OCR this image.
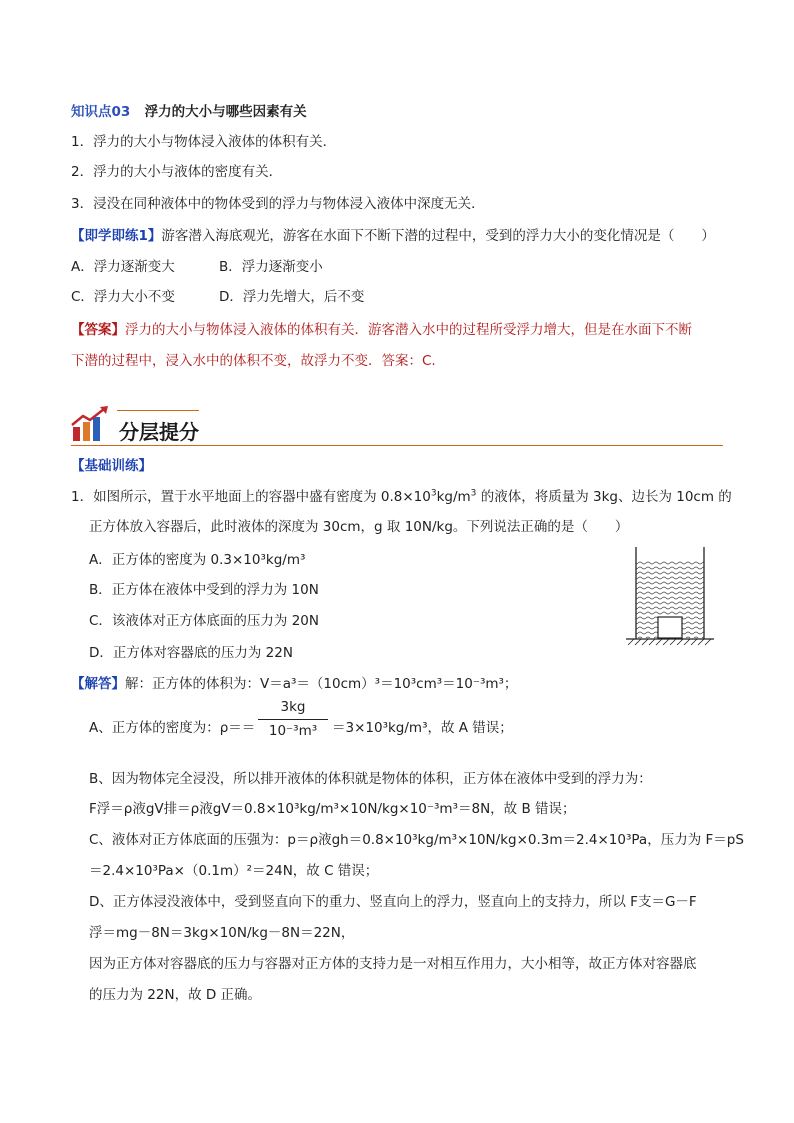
知识点03 浮力的大小与哪些因素有关
1．浮力的大小与物体浸入液体的体积有关．
2．浮力的大小与液体的密度有关．
3．浸没在同种液体中的物体受到的浮力与物体浸入液体中深度无关．
【即学即练1】游客潜入海底观光，游客在水面下不断下潜的过程中，受到的浮力大小的变化情况是（　　）
A．浮力逐渐变大	B．浮力逐渐变小
C．浮力大小不变	D．浮力先增大，后不变
【答案】浮力的大小与物体浸入液体的体积有关．游客潜入水中的过程所受浮力增大，但是在水面下不断
下潜的过程中，浸入水中的体积不变，故浮力不变．答案：C.
分层提分
【基础训练】
1．如图所示，置于水平地面上的容器中盛有密度为 $0.8\times 10^3kg/m^3$ 的液体，将质量为 3kg、边长为 10cm 的
正方体放入容器后，此时液体的深度为 30cm，g 取 10N/kg。下列说法正确的是（　　）
A．正方体的密度为 0.3×10³kg/m³
B．正方体在液体中受到的浮力为 10N
C．该液体对正方体底面的压力为 20N
D．正方体对容器底的压力为 22N
【解答】解：正方体的体积为：V＝a³＝（10cm）³＝10³cm³＝10⁻³m³；
A、正方体的密度为：ρ＝＝
3kg
10⁻³m³	＝3×10³kg/m³，故 A 错误；
B、因为物体完全浸没，所以排开液体的体积就是物体的体积，正方体在液体中受到的浮力为：
F浮＝ρ液gV排＝ρ液gV＝0.8×10³kg/m³×10N/kg×10⁻³m³＝8N，故 B 错误；
C、液体对正方体底面的压强为：p＝ρ液gh＝0.8×10³kg/m³×10N/kg×0.3m＝2.4×10³Pa，压力为 F＝pS
＝2.4×10³Pa×（0.1m）²＝24N，故 C 错误；
D、正方体浸没液体中，受到竖直向下的重力、竖直向上的浮力，竖直向上的支持力，所以 F支＝G－F
浮＝mg－8N＝3kg×10N/kg－8N＝22N，
因为正方体对容器底的压力与容器对正方体的支持力是一对相互作用力，大小相等，故正方体对容器底
的压力为 22N，故 D 正确。
